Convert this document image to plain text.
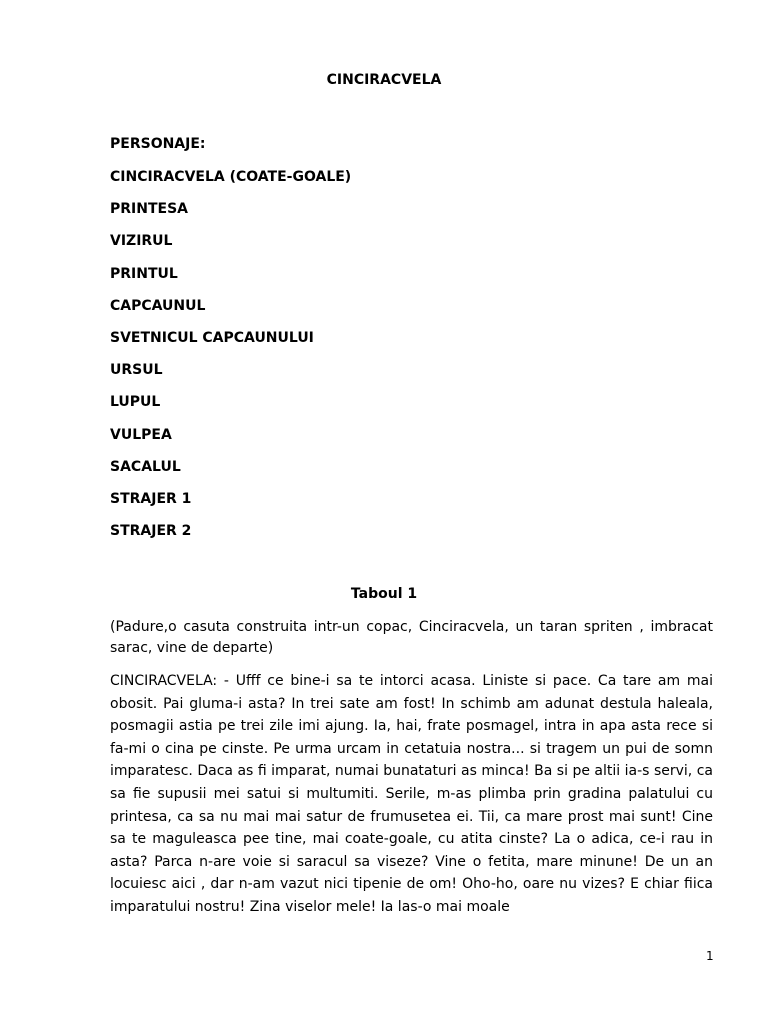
CINCIRACVELA
PERSONAJE:
CINCIRACVELA (COATE-GOALE)
PRINTESA
VIZIRUL
PRINTUL
CAPCAUNUL
SVETNICUL CAPCAUNULUI
URSUL
LUPUL
VULPEA
SACALUL
STRAJER 1
STRAJER 2
Taboul 1

(Padure,o casuta construita intr-un copac, Cinciracvela, un taran spriten , imbracat sarac, vine de departe)

CINCIRACVELA: - Ufff ce bine-i sa te intorci acasa. Liniste si pace. Ca tare am mai obosit. Pai gluma-i asta? In trei sate am fost! In schimb am adunat destula haleala, posmagii astia pe trei zile imi ajung. Ia, hai, frate posmagel, intra in apa asta rece si fa-mi o cina pe cinste. Pe urma urcam in cetatuia nostra... si tragem un pui de somn imparatesc. Daca as fi imparat, numai bunataturi as minca! Ba si pe altii ia-s servi, ca sa fie supusii mei satui si multumiti. Serile, m-as plimba prin gradina palatului cu printesa, ca sa nu mai mai satur de frumusetea ei. Tii, ca mare prost mai sunt! Cine sa te maguleasca pee tine, mai coate-goale, cu atita cinste? La o adica, ce-i rau in asta? Parca n-are voie si saracul sa viseze? Vine o fetita, mare minune! De un an locuiesc aici , dar n-am vazut nici tipenie de om! Oho-ho, oare nu vizes? E chiar fiica imparatului nostru! Zina viselor mele! Ia las-o mai moale

1
